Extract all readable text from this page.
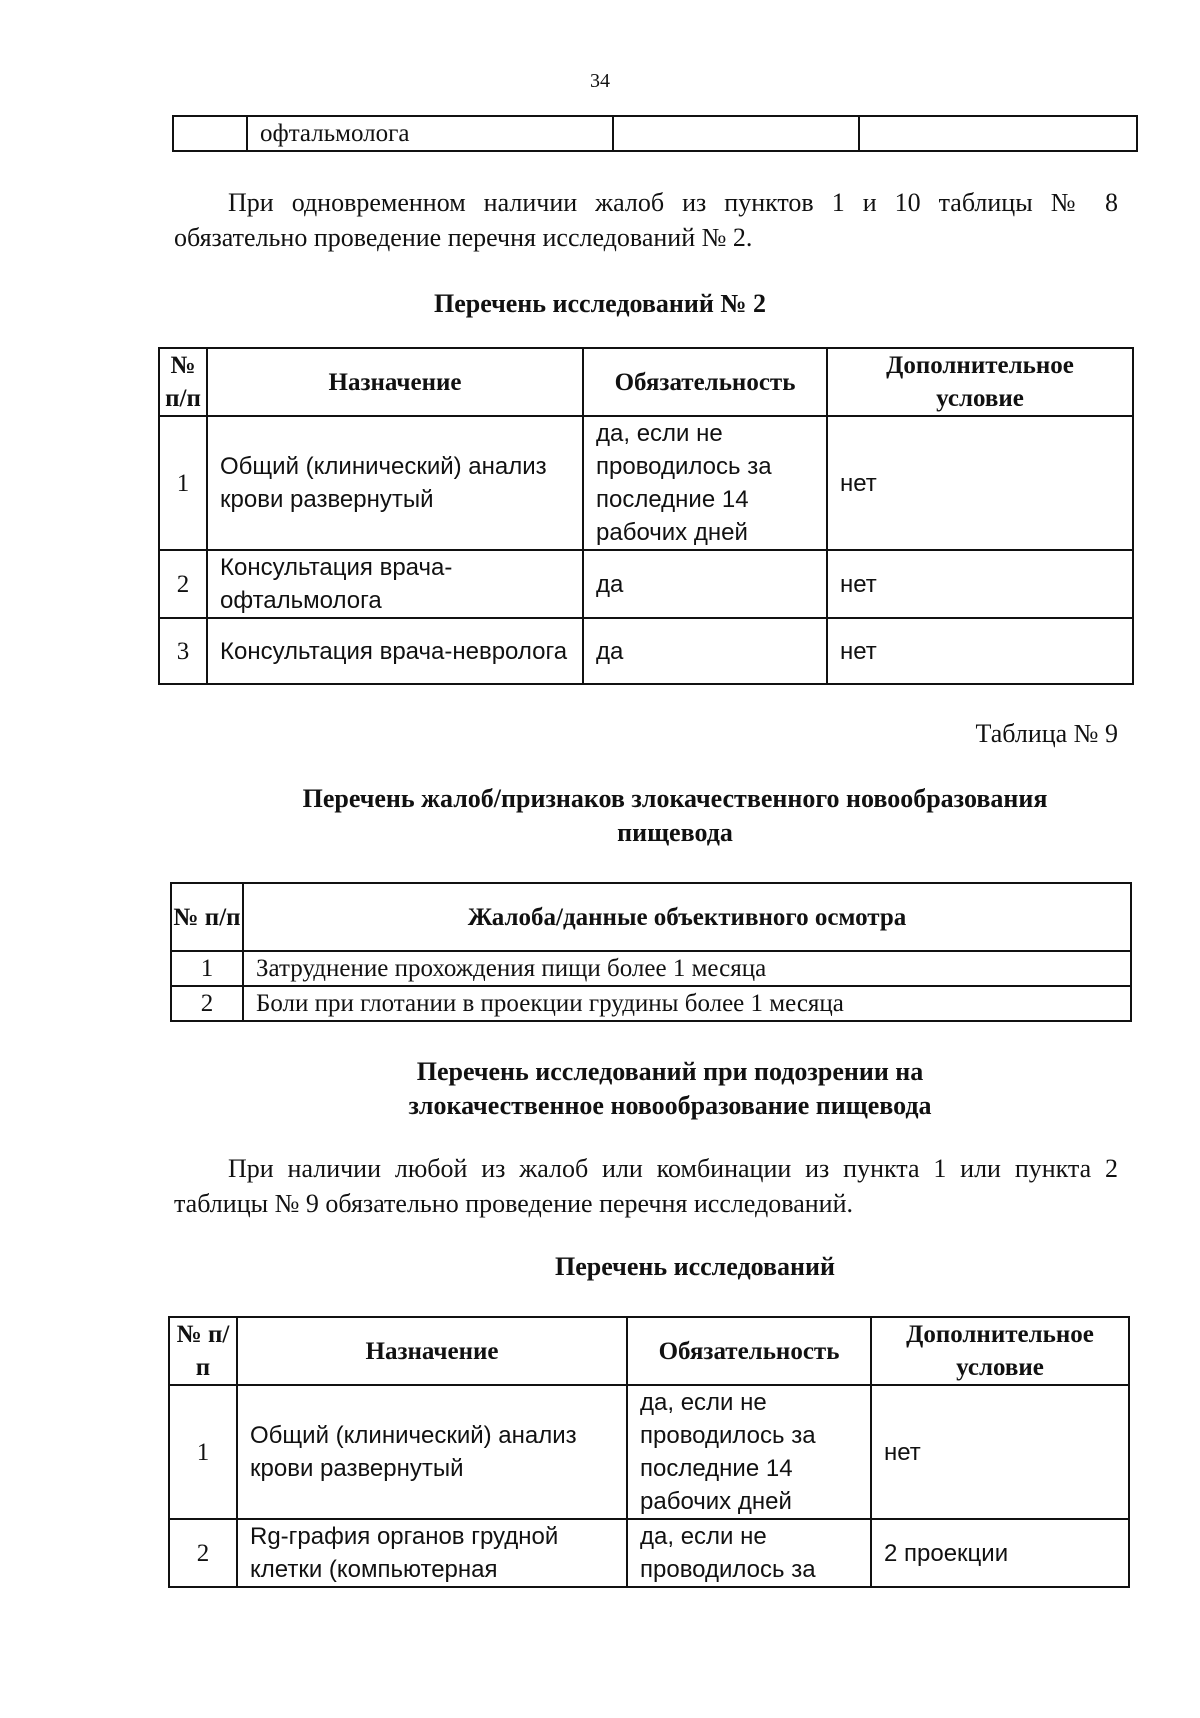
34
	офтальмолога		
При одновременном наличии жалоб из пунктов 1 и 10 таблицы № 8
обязательно проведение перечня исследований № 2.
Перечень исследований № 2
№ п/п	Назначение	Обязательность	Дополнительное условие
1	Общий (клинический) анализ крови развернутый	да, если не проводилось за последние 14 рабочих дней	нет
2	Консультация врача-офтальмолога	да	нет
3	Консультация врача-невролога	да	нет
Таблица № 9
Перечень жалоб/признаков злокачественного новообразования пищевода
№ п/п	Жалоба/данные объективного осмотра
1	Затруднение прохождения пищи более 1 месяца
2	Боли при глотании в проекции грудины более 1 месяца
Перечень исследований при подозрении на злокачественное новообразование пищевода
При наличии любой из жалоб или комбинации из пункта 1 или пункта 2
таблицы № 9 обязательно проведение перечня исследований.
Перечень исследований
№ п/п	Назначение	Обязательность	Дополнительное условие
1	Общий (клинический) анализ крови развернутый	да, если не проводилось за последние 14 рабочих дней	нет
2	Rg-графия органов грудной клетки (компьютерная	да, если не проводилось за	2 проекции
